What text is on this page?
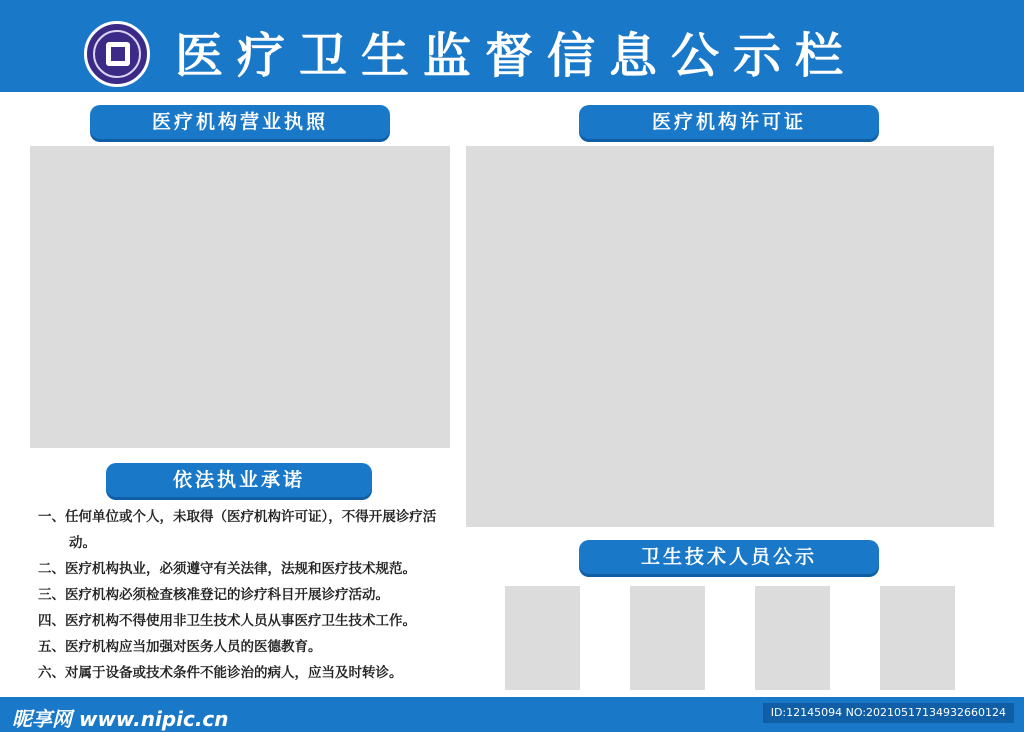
医疗卫生监督信息公示栏
医疗机构营业执照	医疗机构许可证
依法执业承诺
一、任何单位或个人，未取得（医疗机构许可证），不得开展诊疗活动。
二、医疗机构执业，必须遵守有关法律，法规和医疗技术规范。
三、医疗机构必须检查核准登记的诊疗科目开展诊疗活动。
四、医疗机构不得使用非卫生技术人员从事医疗卫生技术工作。
五、医疗机构应当加强对医务人员的医德教育。
六、对属于设备或技术条件不能诊治的病人，应当及时转诊。
卫生技术人员公示
昵享网 www.nipic.cn	ID:12145094 NO:20210517134932660124
